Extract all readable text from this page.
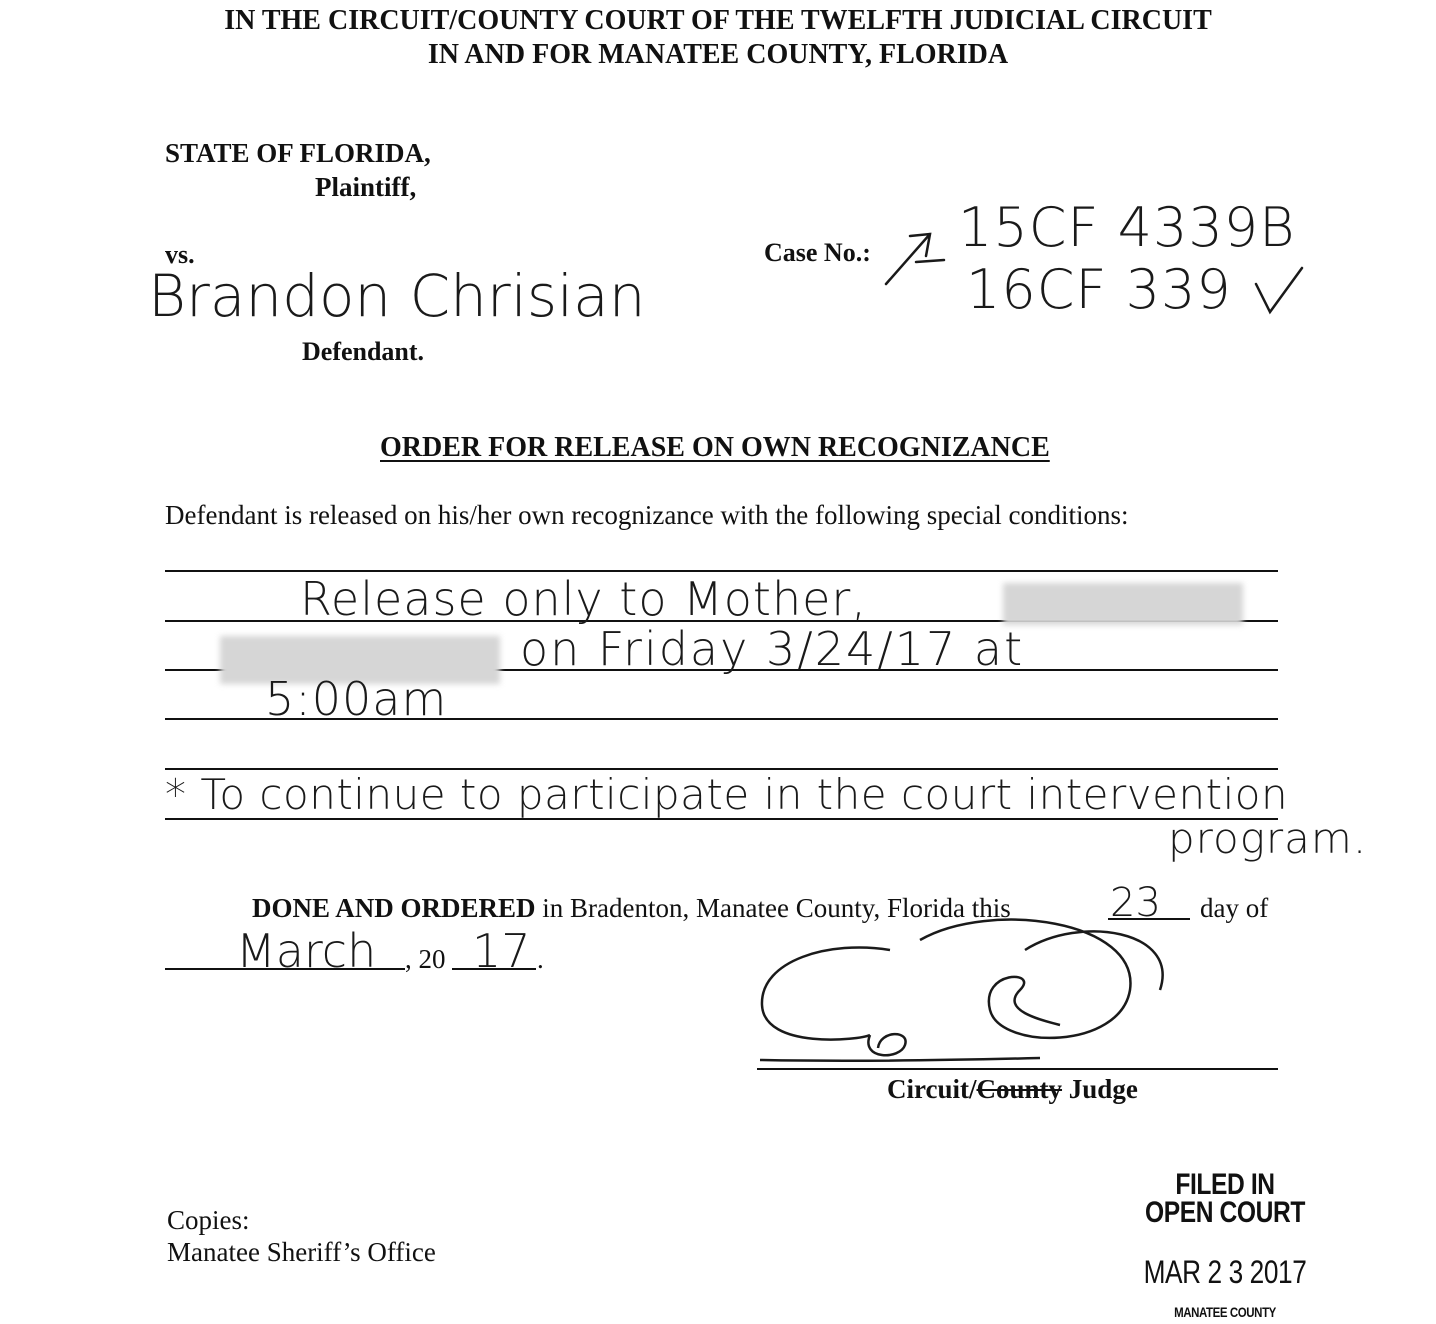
IN THE CIRCUIT/COUNTY COURT OF THE TWELFTH JUDICIAL CIRCUIT
IN AND FOR MANATEE COUNTY, FLORIDA
STATE OF FLORIDA,
Plaintiff,
vs.
Brandon Chrisian
Defendant.
Case No.: 15CF 4339B
16CF 339
ORDER FOR RELEASE ON OWN RECOGNIZANCE
Defendant is released on his/her own recognizance with the following special conditions:
Release only to Mother,
on Friday 3/24/17 at
5:00am
* To continue to participate in the court intervention
program.
DONE AND ORDERED in Bradenton, Manatee County, Florida this 23 day of
March , 20 17 .
Circuit/County Judge
Copies:
Manatee Sheriff’s Office
FILED IN
OPEN COURT
MAR 2 3 2017
MANATEE COUNTY
